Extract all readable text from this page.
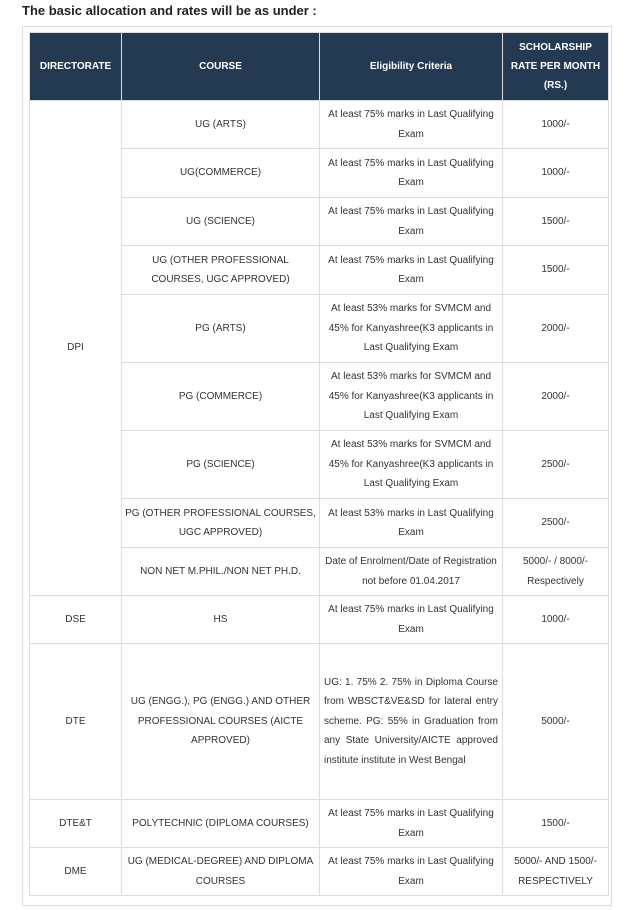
The basic allocation and rates will be as under :
DIRECTORATE	COURSE	Eligibility Criteria	SCHOLARSHIP RATE PER MONTH (RS.)
DPI	UG (ARTS)	At least 75% marks in Last Qualifying Exam	1000/-
	UG(COMMERCE)	At least 75% marks in Last Qualifying Exam	1000/-
	UG (SCIENCE)	At least 75% marks in Last Qualifying Exam	1500/-
	UG (OTHER PROFESSIONAL COURSES, UGC APPROVED)	At least 75% marks in Last Qualifying Exam	1500/-
	PG (ARTS)	At least 53% marks for SVMCM and 45% for Kanyashree(K3 applicants in Last Qualifying Exam	2000/-
	PG (COMMERCE)	At least 53% marks for SVMCM and 45% for Kanyashree(K3 applicants in Last Qualifying Exam	2000/-
	PG (SCIENCE)	At least 53% marks for SVMCM and 45% for Kanyashree(K3 applicants in Last Qualifying Exam	2500/-
	PG (OTHER PROFESSIONAL COURSES, UGC APPROVED)	At least 53% marks in Last Qualifying Exam	2500/-
	NON NET M.PHIL./NON NET PH.D.	Date of Enrolment/Date of Registration not before 01.04.2017	5000/- / 8000/- Respectively
DSE	HS	At least 75% marks in Last Qualifying Exam	1000/-
DTE	UG (ENGG.), PG (ENGG.) AND OTHER PROFESSIONAL COURSES (AICTE APPROVED)	UG: 1. 75% 2. 75% in Diploma Course from WBSCT&VE&SD for lateral entry scheme. PG: 55% in Graduation from any State University/AICTE approved institute institute in West Bengal	5000/-
DTE&T	POLYTECHNIC (DIPLOMA COURSES)	At least 75% marks in Last Qualifying Exam	1500/-
DME	UG (MEDICAL-DEGREE) AND DIPLOMA COURSES	At least 75% marks in Last Qualifying Exam	5000/- AND 1500/- RESPECTIVELY
